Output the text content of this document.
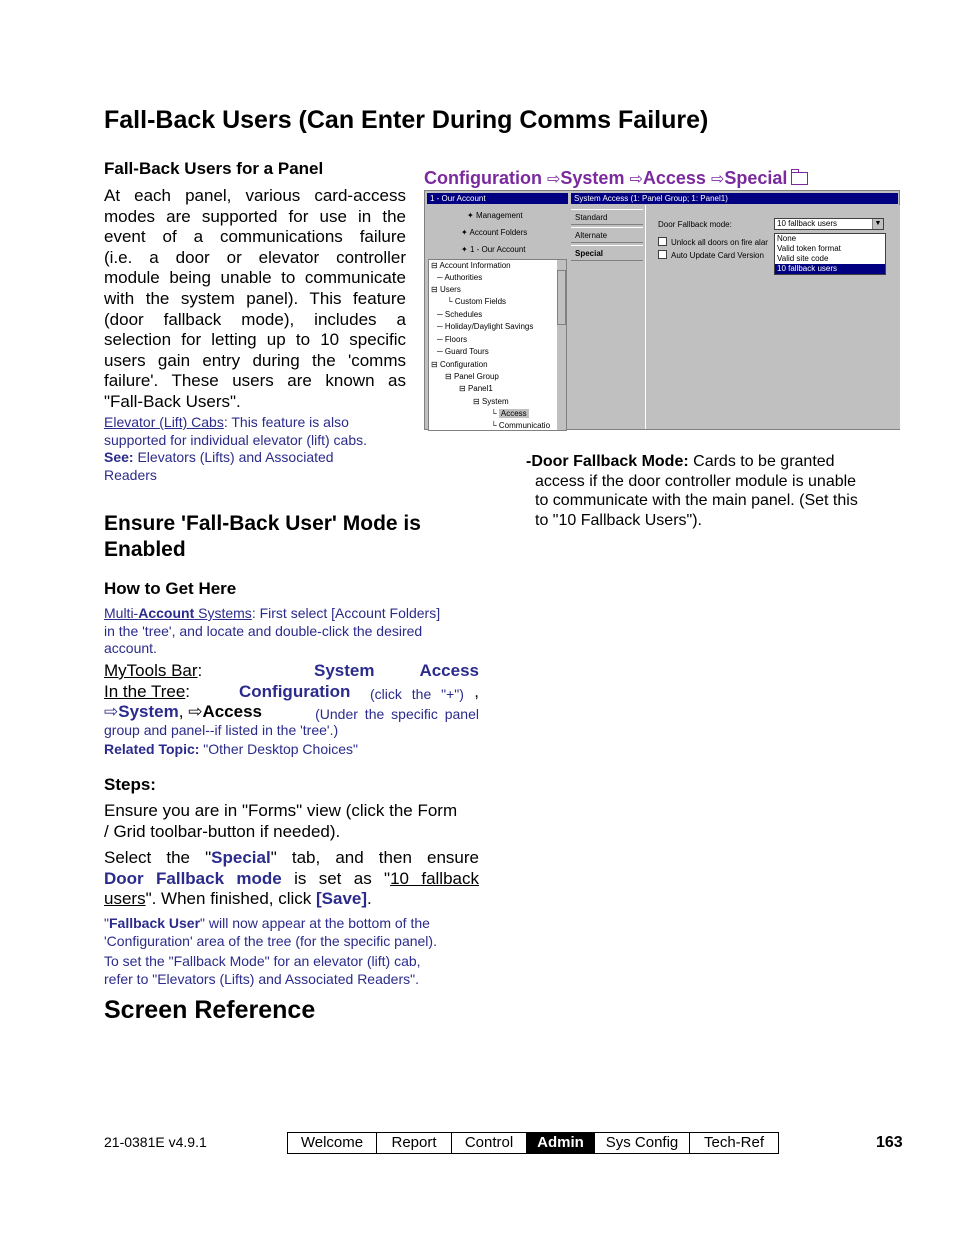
Fall-Back Users (Can Enter During Comms Failure)
Fall-Back Users for a Panel
At each panel, various card-access
modes are supported for use in the
event of a communications failure
(i.e. a door or elevator controller
module being unable to communicate
with the system panel). This feature
(door fallback mode), includes a
selection for letting up to 10 specific
users gain entry during the 'comms
failure'. These users are known as
"Fall-Back Users".
Elevator (Lift) Cabs: This feature is also
supported for individual elevator (lift) cabs.
See: Elevators (Lifts) and Associated
Readers
Configuration ⇨System ⇨Access ⇨Special
1 - Our Account	System Access (1: Panel Group; 1: Panel1)
✦ Management
✦ Account Folders
✦ 1 - Our Account
⊟ Account Information
─ Authorities
⊟ Users
└ Custom Fields
─ Schedules
─ Holiday/Daylight Savings
─ Floors
─ Guard Tours
⊟ Configuration
⊟ Panel Group
⊟ Panel1
⊟ System
└ Access
└ Communicatio
Standard
Alternate
Special
Door Fallback mode:	10 fallback users	▼
Unlock all doors on fire alar
Auto Update Card Version
None
Valid token format
Valid site code
10 fallback users
-Door Fallback Mode: Cards to be granted
access if the door controller module is unable
to communicate with the main panel. (Set this
to "10 Fallback Users").
Ensure 'Fall-Back User' Mode is
Enabled
How to Get Here
Multi-Account Systems: First select [Account Folders]
in the 'tree', and locate and double-click the desired
account.
MyTools Bar:	System	Access
In the Tree:	Configuration (click the "+") ,
⇨System, ⇨Access	(Under the specific panel
group and panel--if listed in the 'tree'.)
Related Topic: "Other Desktop Choices"
Steps:
Ensure you are in "Forms" view (click the Form
/ Grid toolbar-button if needed).
Select the "Special" tab, and then ensure
Door Fallback mode is set as "10 fallback
users". When finished, click [Save].
"Fallback User" will now appear at the bottom of the
'Configuration' area of the tree (for the specific panel).
To set the "Fallback Mode" for an elevator (lift) cab,
refer to "Elevators (Lifts) and Associated Readers".
Screen Reference
21-0381E v4.9.1	Welcome	Report	Control	Admin	Sys Config	Tech-Ref	163
